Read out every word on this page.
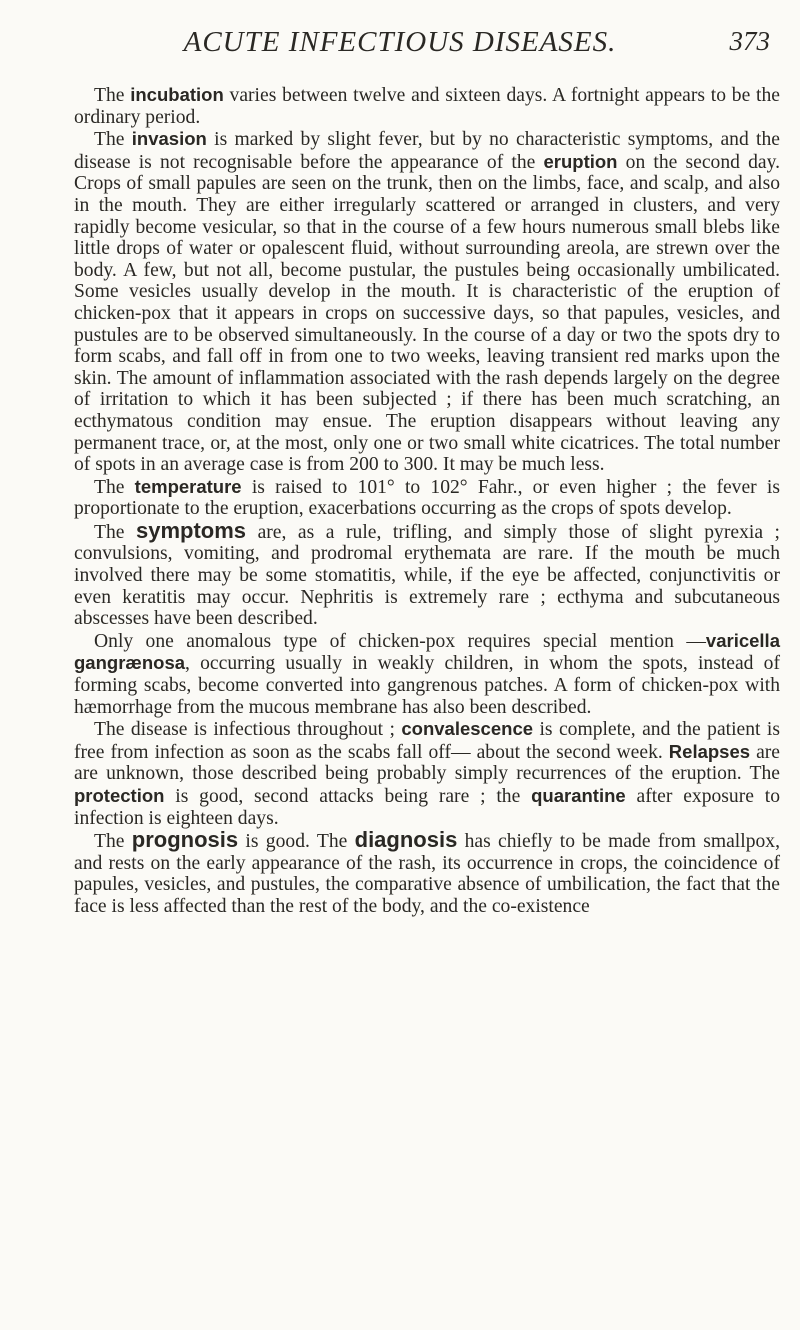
ACUTE INFECTIOUS DISEASES.	373

The incubation varies between twelve and sixteen days. A fortnight appears to be the ordinary period.

The invasion is marked by slight fever, but by no characteristic symptoms, and the disease is not recognisable before the appearance of the eruption on the second day. Crops of small papules are seen on the trunk, then on the limbs, face, and scalp, and also in the mouth. They are either irregularly scattered or arranged in clusters, and very rapidly become vesicular, so that in the course of a few hours numerous small blebs like little drops of water or opalescent fluid, without surrounding areola, are strewn over the body. A few, but not all, become pustular, the pustules being occasionally umbilicated. Some vesicles usually develop in the mouth. It is characteristic of the eruption of chicken-pox that it appears in crops on successive days, so that papules, vesicles, and pustules are to be observed simultaneously. In the course of a day or two the spots dry to form scabs, and fall off in from one to two weeks, leaving transient red marks upon the skin. The amount of inflammation associated with the rash depends largely on the degree of irritation to which it has been subjected ; if there has been much scratching, an ecthymatous condition may ensue. The eruption disappears without leaving any permanent trace, or, at the most, only one or two small white cicatrices. The total number of spots in an average case is from 200 to 300. It may be much less.

The temperature is raised to 101° to 102° Fahr., or even higher ; the fever is proportionate to the eruption, exacerbations occurring as the crops of spots develop.

The symptoms are, as a rule, trifling, and simply those of slight pyrexia ; convulsions, vomiting, and prodromal erythemata are rare. If the mouth be much involved there may be some stomatitis, while, if the eye be affected, conjunctivitis or even keratitis may occur. Nephritis is extremely rare ; ecthyma and subcutaneous abscesses have been described.

Only one anomalous type of chicken-pox requires special mention —varicella gangrænosa, occurring usually in weakly children, in whom the spots, instead of forming scabs, become converted into gangrenous patches. A form of chicken-pox with hæmorrhage from the mucous membrane has also been described.

The disease is infectious throughout ; convalescence is complete, and the patient is free from infection as soon as the scabs fall off— about the second week. Relapses are are unknown, those described being probably simply recurrences of the eruption. The protection is good, second attacks being rare ; the quarantine after exposure to infection is eighteen days.

The prognosis is good. The diagnosis has chiefly to be made from smallpox, and rests on the early appearance of the rash, its occurrence in crops, the coincidence of papules, vesicles, and pustules, the comparative absence of umbilication, the fact that the face is less affected than the rest of the body, and the co-existence
